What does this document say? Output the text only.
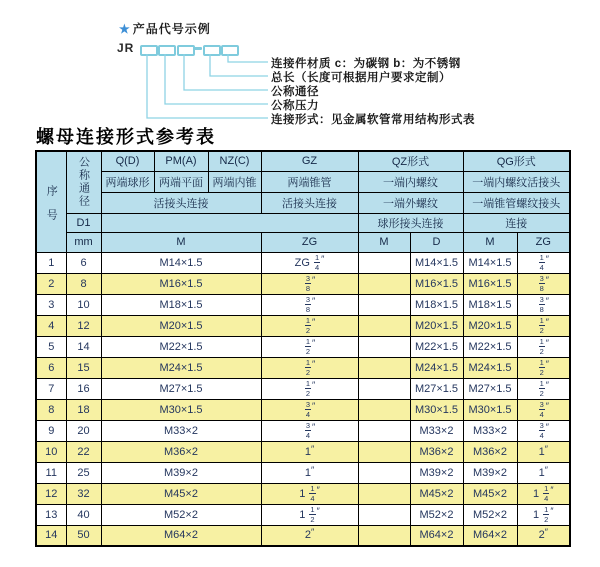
★ 产品代号示例
JR
连接件材质 c：为碳钢 b：为不锈钢
总长（长度可根据用户要求定制）
公称通径
公称压力
连接形式：见金属软管常用结构形式表
螺母连接形式参考表
序号	公称通径	Q(D)	PM(A)	NZ(C)	GZ	QZ形式		QG形式	
		两端球形	两端平面	两端内锥	两端锥管	一端内螺纹		一端内螺纹活接头	
		活接头连接			活接头连接	一端外螺纹		一端锥管螺纹接头	
	D1					球形接头连接		连接	
	mm	M			ZG	M	D	M	ZG
1	6	M14×1.5			ZG $\frac{1}{4} ''$		M14×1.5	M14×1.5	$\frac{1}{4} ''$
2	8	M16×1.5			$\frac{3}{8} ''$		M16×1.5	M16×1.5	$\frac{3}{8} ''$
3	10	M18×1.5			$\frac{3}{8} ''$		M18×1.5	M18×1.5	$\frac{3}{8} ''$
4	12	M20×1.5			$\frac{1}{2} ''$		M20×1.5	M20×1.5	$\frac{1}{2} ''$
5	14	M22×1.5			$\frac{1}{2} ''$		M22×1.5	M22×1.5	$\frac{1}{2} ''$
6	15	M24×1.5			$\frac{1}{2} ''$		M24×1.5	M24×1.5	$\frac{1}{2} ''$
7	16	M27×1.5			$\frac{1}{2} ''$		M27×1.5	M27×1.5	$\frac{1}{2} ''$
8	18	M30×1.5			$\frac{3}{4} ''$		M30×1.5	M30×1.5	$\frac{3}{4} ''$
9	20	M33×2			$\frac{3}{4} ''$		M33×2	M33×2	$\frac{3}{4} ''$
10	22	M36×2			1″		M36×2	M36×2	1″
11	25	M39×2			1″		M39×2	M39×2	1″
12	32	M45×2			$1 \frac{1}{4} ''$		M45×2	M45×2	$1 \frac{1}{4} ''$
13	40	M52×2			$1 \frac{1}{2} ''$		M52×2	M52×2	$1 \frac{1}{2} ''$
14	50	M64×2			2″		M64×2	M64×2	2″
